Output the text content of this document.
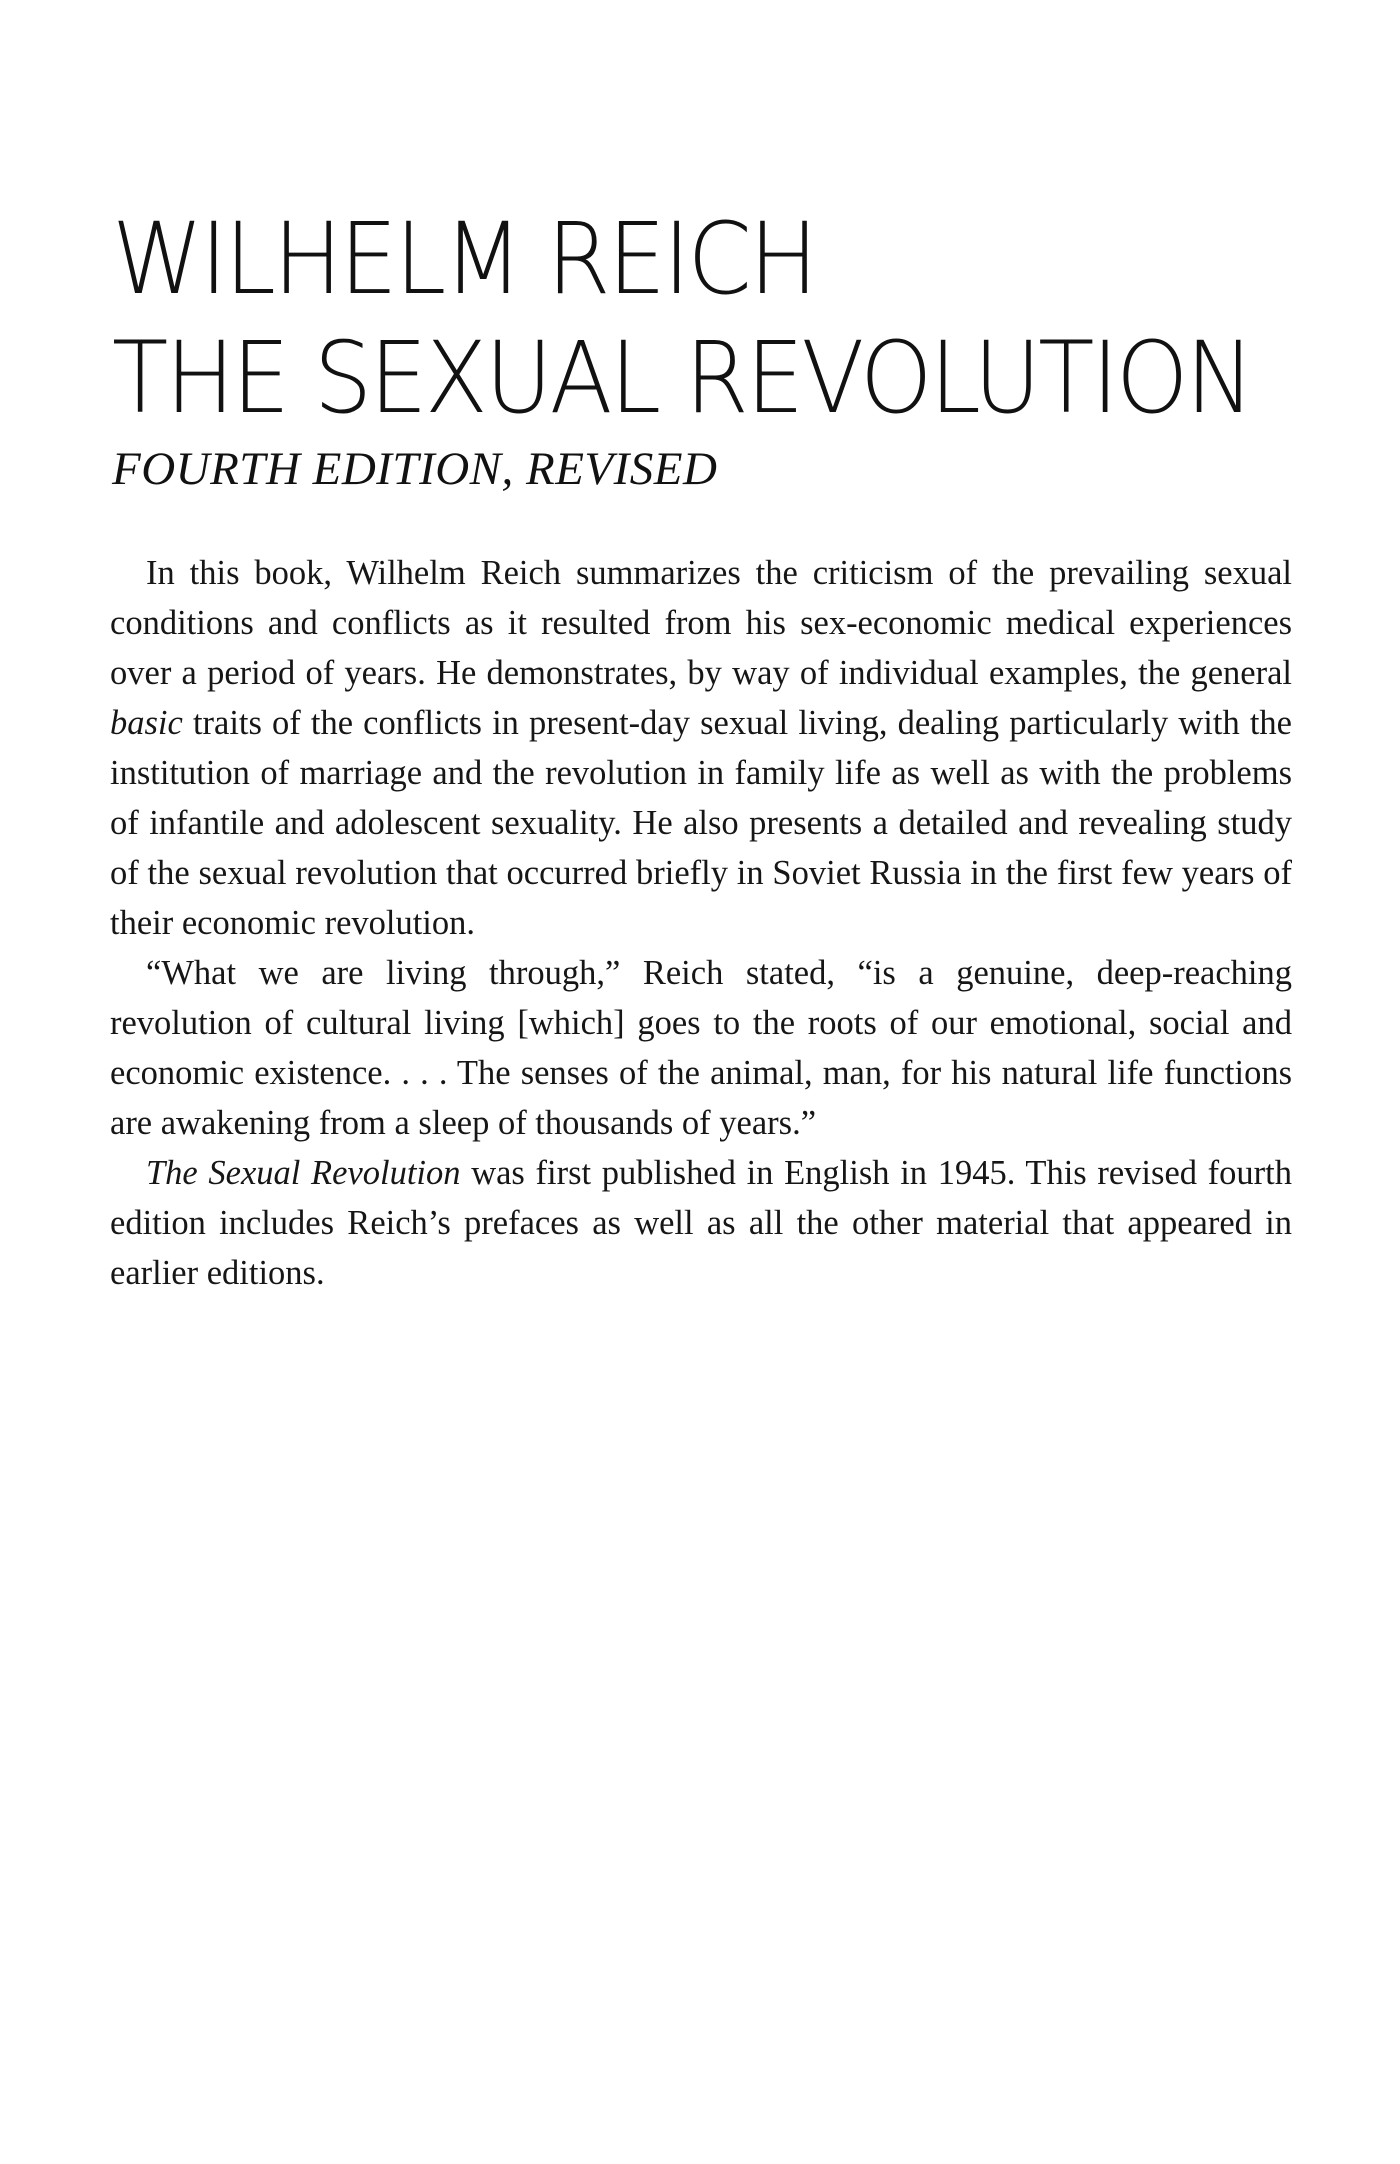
WILHELM REICH
THE SEXUAL REVOLUTION
FOURTH EDITION, REVISED

In this book, Wilhelm Reich summarizes the criticism of the prevailing sexual conditions and conflicts as it resulted from his sex-economic medical experiences over a period of years. He demonstrates, by way of individual examples, the general basic traits of the conflicts in present-day sexual living, dealing particularly with the institution of marriage and the revolution in family life as well as with the problems of infantile and adolescent sexuality. He also presents a detailed and revealing study of the sexual revolution that occurred briefly in Soviet Russia in the first few years of their economic revolution.

“What we are living through,” Reich stated, “is a genuine, deep-reaching revolution of cultural living [which] goes to the roots of our emotional, social and economic existence. . . . The senses of the animal, man, for his natural life functions are awakening from a sleep of thousands of years.”

The Sexual Revolution was first published in English in 1945. This revised fourth edition includes Reich’s prefaces as well as all the other material that appeared in earlier editions.
